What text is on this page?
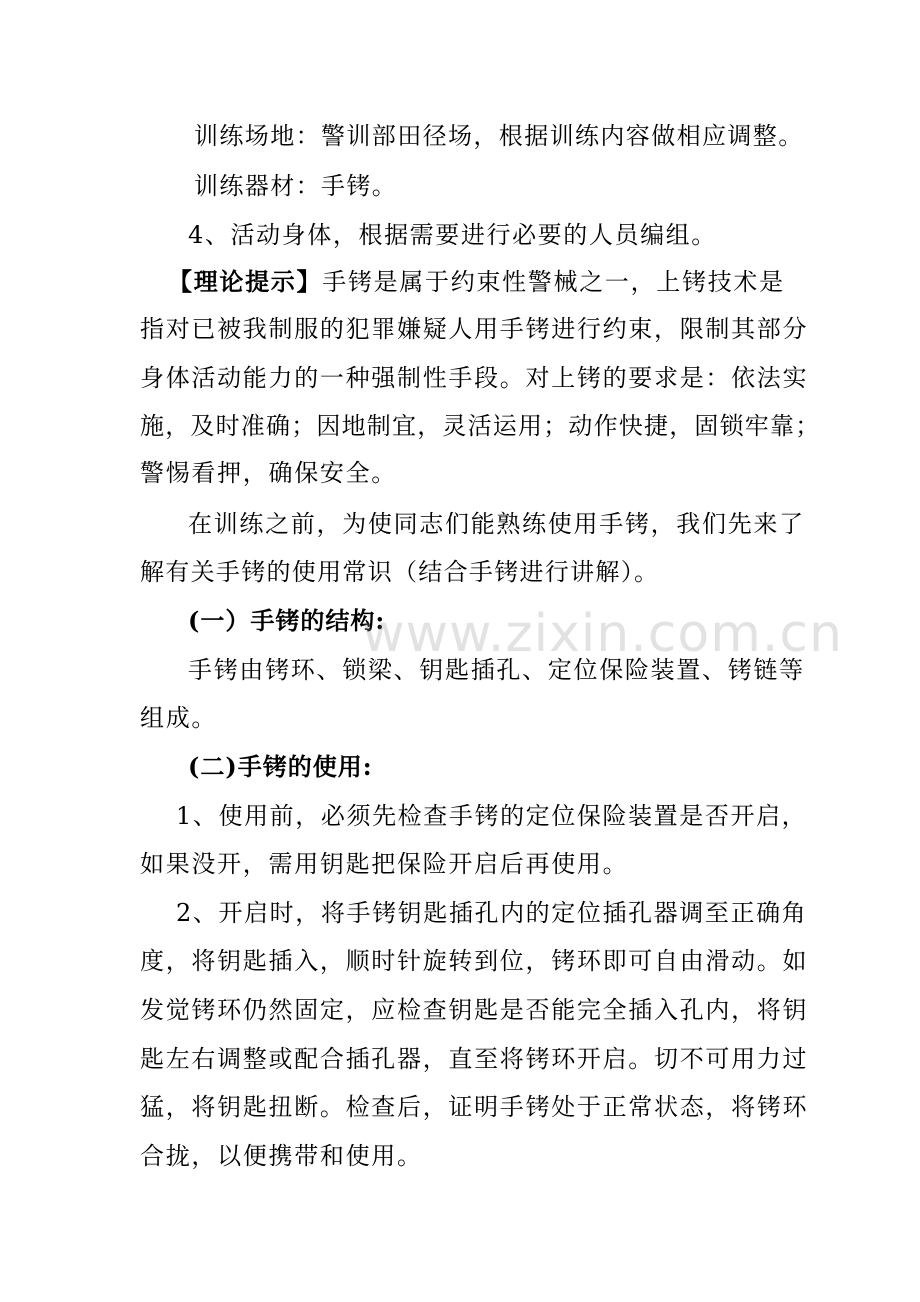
训练场地：警训部田径场，根据训练内容做相应调整。
训练器材：手铐。
4、活动身体，根据需要进行必要的人员编组。
【理论提示】手铐是属于约束性警械之一，上铐技术是
指对已被我制服的犯罪嫌疑人用手铐进行约束，限制其部分
身体活动能力的一种强制性手段。对上铐的要求是：依法实
施，及时准确；因地制宜，灵活运用；动作快捷，固锁牢靠；
警惕看押，确保安全。
在训练之前，为使同志们能熟练使用手铐，我们先来了
解有关手铐的使用常识（结合手铐进行讲解）。
(一）手铐的结构:
手铐由铐环、锁梁、钥匙插孔、定位保险装置、铐链等
组成。
(二)手铐的使用:
1、使用前，必须先检查手铐的定位保险装置是否开启，
如果没开，需用钥匙把保险开启后再使用。
2、开启时，将手铐钥匙插孔内的定位插孔器调至正确角
度，将钥匙插入，顺时针旋转到位，铐环即可自由滑动。如
发觉铐环仍然固定，应检查钥匙是否能完全插入孔内，将钥
匙左右调整或配合插孔器，直至将铐环开启。切不可用力过
猛，将钥匙扭断。检查后，证明手铐处于正常状态，将铐环
合拢，以便携带和使用。
www.zixin.com.cn
